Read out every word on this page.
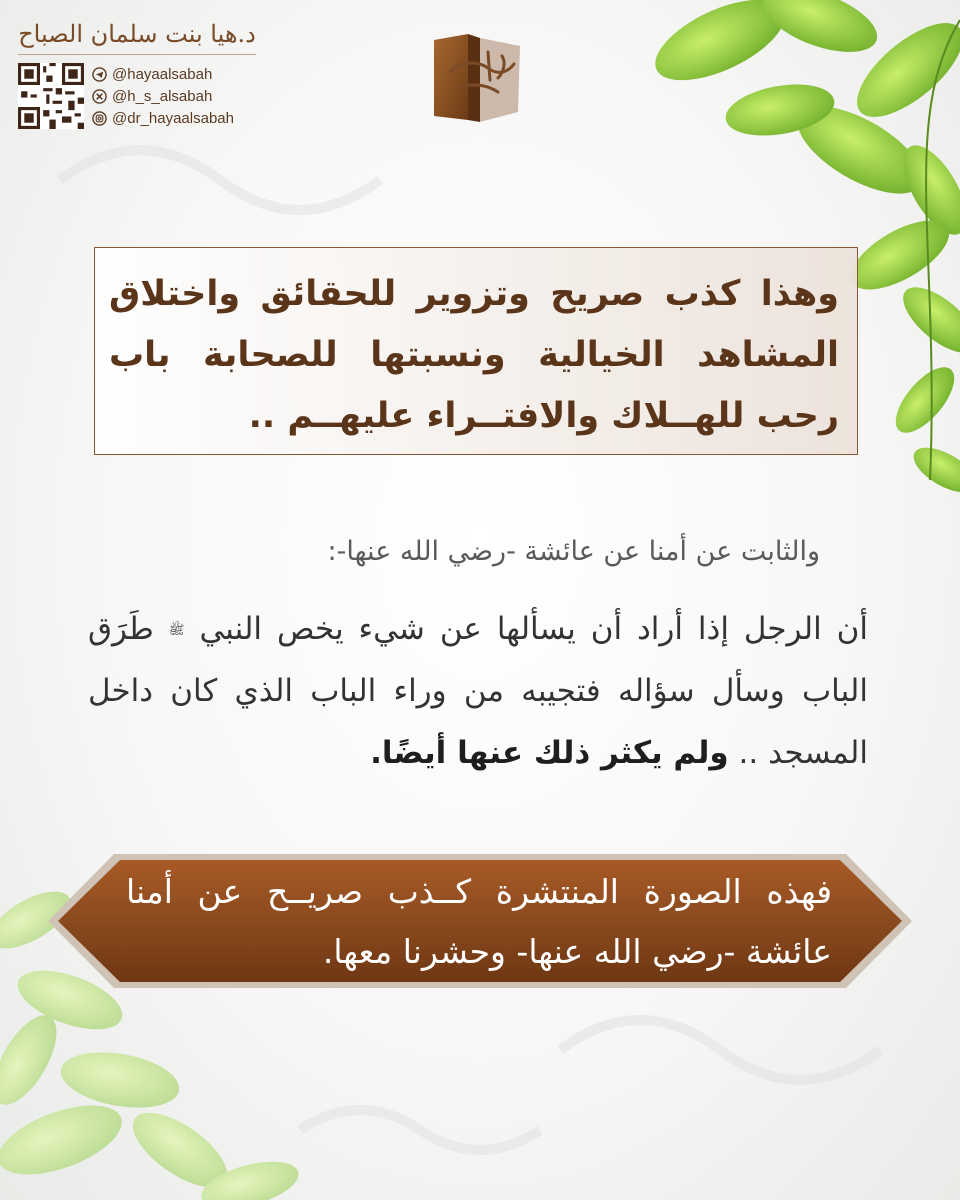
د.هيا بنت سلمان الصباح
@hayaalsabah
@h_s_alsabah
@dr_hayaalsabah
وهذا كذب صريح وتزوير للحقائق واختلاق المشاهد الخيالية ونسبتها للصحابة باب رحب للهــلاك والافتــراء عليهــم ..
والثابت عن أمنا عن عائشة -رضي الله عنها-:
أن الرجل إذا أراد أن يسألها عن شيء يخص النبي ﷺ طَرَق الباب وسأل سؤاله فتجيبه من وراء الباب الذي كان داخل المسجد .. ولم يكثر ذلك عنها أيضًا.
فهذه الصورة المنتشرة كــذب صريــح عن أمنا عائشة -رضي الله عنها- وحشرنا معها.
